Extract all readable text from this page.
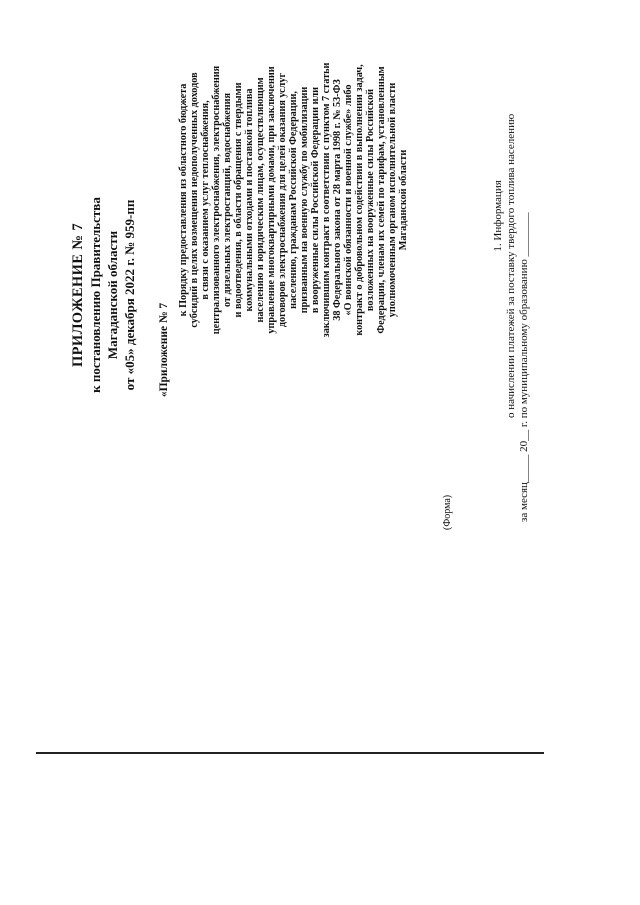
ПРИЛОЖЕНИЕ № 7 к постановлению Правительства Магаданской области от «05» декабря 2022 г. № 959-пп «Приложение № 7
к Порядку предоставления из областного бюджета субсидий в целях возмещения недополученных доходов в связи с оказанием услуг теплоснабжения, централизованного электроснабжения, электроснабжения от дизельных электростанций, водоснабжения и водоотведения, в области обращения с твердыми коммунальными отходами и поставкой топлива населению и юридическим лицам, осуществляющим управление многоквартирными домами, при заключении договоров электроснабжения для целей оказания услуг населению, гражданам Российской Федерации, призванным на военную службу по мобилизации в вооруженные силы Российской Федерации или заключившим контракт в соответствии с пунктом 7 статьи 38 Федерального закона от 28 марта 1998 г. № 53-ФЗ «О воинской обязанности и военной службе» либо контракт о добровольном содействии в выполнении задач, возложенных на вооруженные силы Российской Федерации, членам их семей по тарифам, установленным уполномоченным органом исполнительной власти Магаданской области
(Форма)
1. Информация о начислении платежей за поставку твердого топлива населению за месяц_____ 20__ г. по муниципальному образованию ________
